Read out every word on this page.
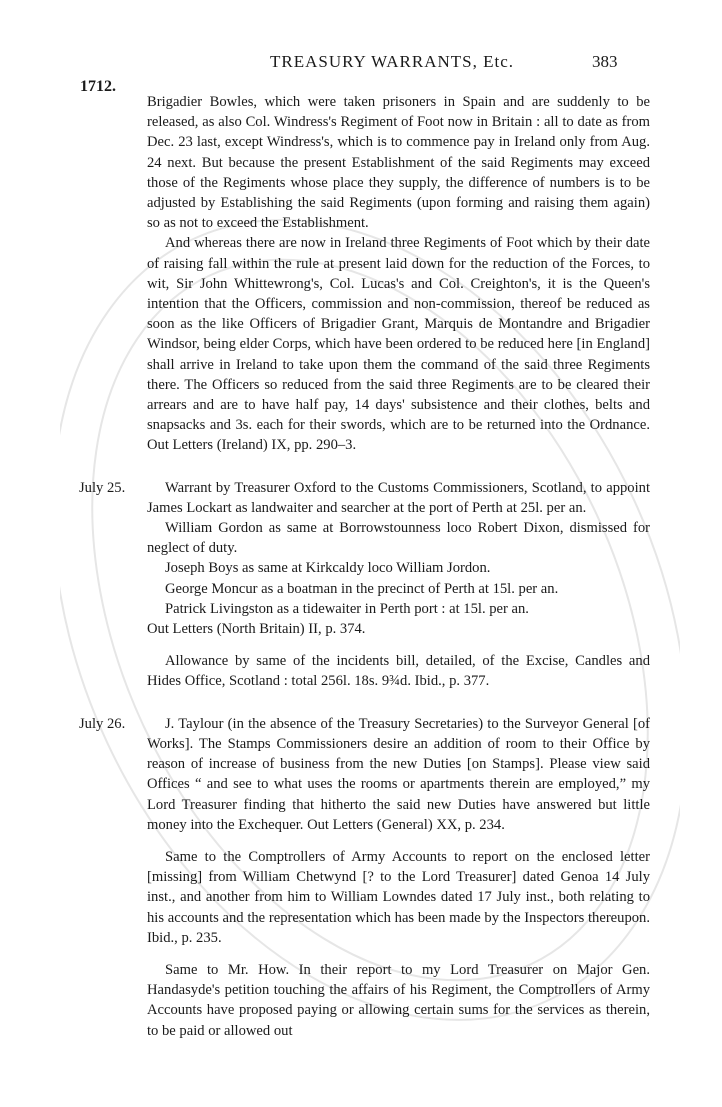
1712.
TREASURY WARRANTS, Etc.	383

Brigadier Bowles, which were taken prisoners in Spain and are suddenly to be released, as also Col. Windress's Regiment of Foot now in Britain : all to date as from Dec. 23 last, except Windress's, which is to commence pay in Ireland only from Aug. 24 next. But because the present Establishment of the said Regiments may exceed those of the Regiments whose place they supply, the difference of numbers is to be adjusted by Establishing the said Regiments (upon forming and raising them again) so as not to exceed the Establishment.

And whereas there are now in Ireland three Regiments of Foot which by their date of raising fall within the rule at present laid down for the reduction of the Forces, to wit, Sir John Whittewrong's, Col. Lucas's and Col. Creighton's, it is the Queen's intention that the Officers, commission and non-commission, thereof be reduced as soon as the like Officers of Brigadier Grant, Marquis de Montandre and Brigadier Windsor, being elder Corps, which have been ordered to be reduced here [in England] shall arrive in Ireland to take upon them the command of the said three Regiments there. The Officers so reduced from the said three Regiments are to be cleared their arrears and are to have half pay, 14 days' subsistence and their clothes, belts and snapsacks and 3s. each for their swords, which are to be returned into the Ordnance. Out Letters (Ireland) IX, pp. 290–3.

July 25.	Warrant by Treasurer Oxford to the Customs Commissioners, Scotland, to appoint James Lockart as landwaiter and searcher at the port of Perth at 25l. per an.

William Gordon as same at Borrowstounness loco Robert Dixon, dismissed for neglect of duty.

Joseph Boys as same at Kirkcaldy loco William Jordon.

George Moncur as a boatman in the precinct of Perth at 15l. per an.

Patrick Livingston as a tidewaiter in Perth port : at 15l. per an.

Out Letters (North Britain) II, p. 374.

Allowance by same of the incidents bill, detailed, of the Excise, Candles and Hides Office, Scotland : total 256l. 18s. 9¾d. Ibid., p. 377.

July 26.	J. Taylour (in the absence of the Treasury Secretaries) to the Surveyor General [of Works]. The Stamps Commissioners desire an addition of room to their Office by reason of increase of business from the new Duties [on Stamps]. Please view said Offices “ and see to what uses the rooms or apartments therein are employed,” my Lord Treasurer finding that hitherto the said new Duties have answered but little money into the Exchequer. Out Letters (General) XX, p. 234.

Same to the Comptrollers of Army Accounts to report on the enclosed letter [missing] from William Chetwynd [? to the Lord Treasurer] dated Genoa 14 July inst., and another from him to William Lowndes dated 17 July inst., both relating to his accounts and the representation which has been made by the Inspectors thereupon. Ibid., p. 235.

Same to Mr. How. In their report to my Lord Treasurer on Major Gen. Handasyde's petition touching the affairs of his Regiment, the Comptrollers of Army Accounts have proposed paying or allowing certain sums for the services as therein, to be paid or allowed out
